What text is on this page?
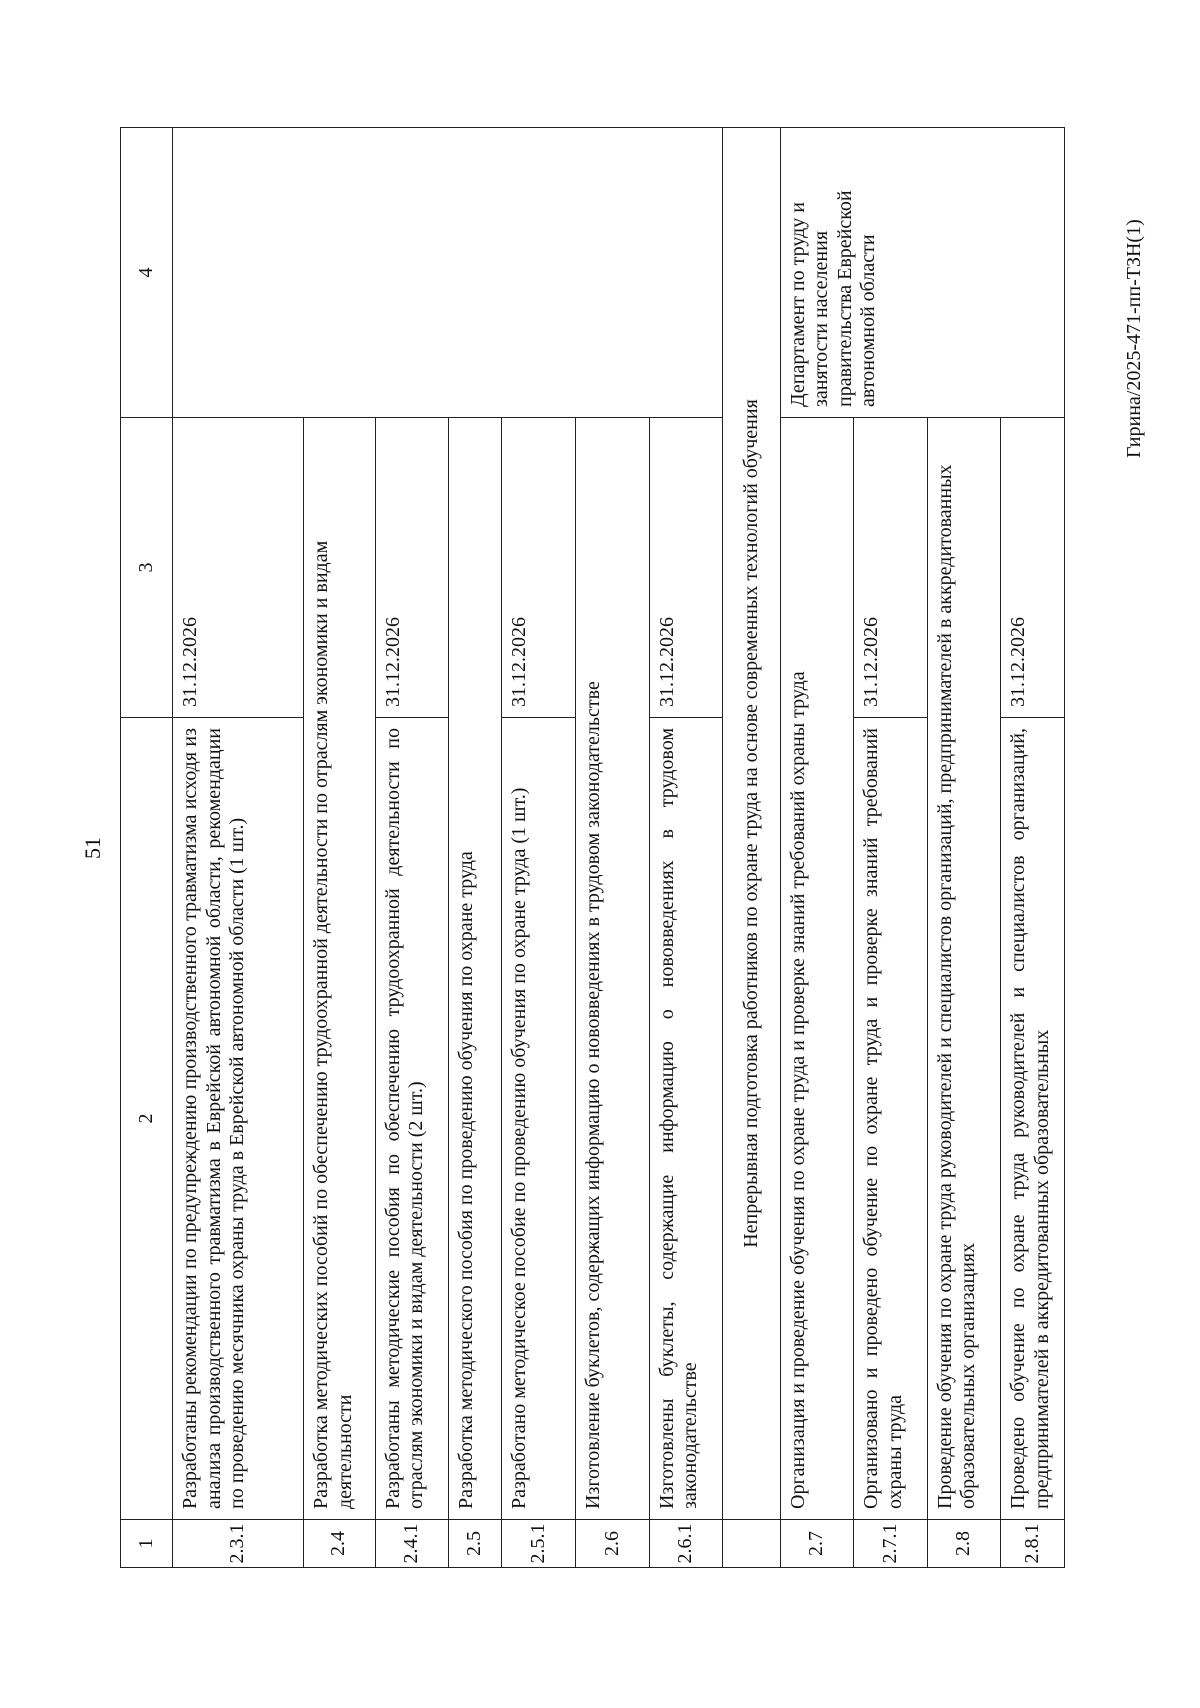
51
1	2	3	4
2.3.1	Разработаны рекомендации по предупреждению производственного травматизма исходя из анализа производственного травматизма в Еврейской автономной области, рекомендации по проведению месячника охраны труда в Еврейской автономной области (1 шт.)	31.12.2026	
2.4	Разработка методических пособий по обеспечению трудоохранной деятельности по отраслям экономики и видам деятельности		
2.4.1	Разработаны методические пособия по обеспечению трудоохранной деятельности по отраслям экономики и видам деятельности (2 шт.)	31.12.2026	
2.5	Разработка методического пособия по проведению обучения по охране труда		
2.5.1	Разработано методическое пособие по проведению обучения по охране труда (1 шт.)	31.12.2026	
2.6	Изготовление буклетов, содержащих информацию о нововведениях в трудовом законодательстве		
2.6.1	Изготовлены буклеты, содержащие информацию о нововведениях в трудовом законодательстве	31.12.2026	
	Непрерывная подготовка работников по охране труда на основе современных технологий обучения		
2.7	Организация и проведение обучения по охране труда и проверке знаний требований охраны труда		Департамент по труду и занятости населения правительства Еврейской автономной области
2.7.1	Организовано и проведено обучение по охране труда и проверке знаний требований охраны труда	31.12.2026	
2.8	Проведение обучения по охране труда руководителей и специалистов организаций, предпринимателей в аккредитованных образовательных организациях		
2.8.1	Проведено обучение по охране труда руководителей и специалистов организаций, предпринимателей в аккредитованных образовательных	31.12.2026	
Гирина/2025-471-пп-ТЗН(1)
